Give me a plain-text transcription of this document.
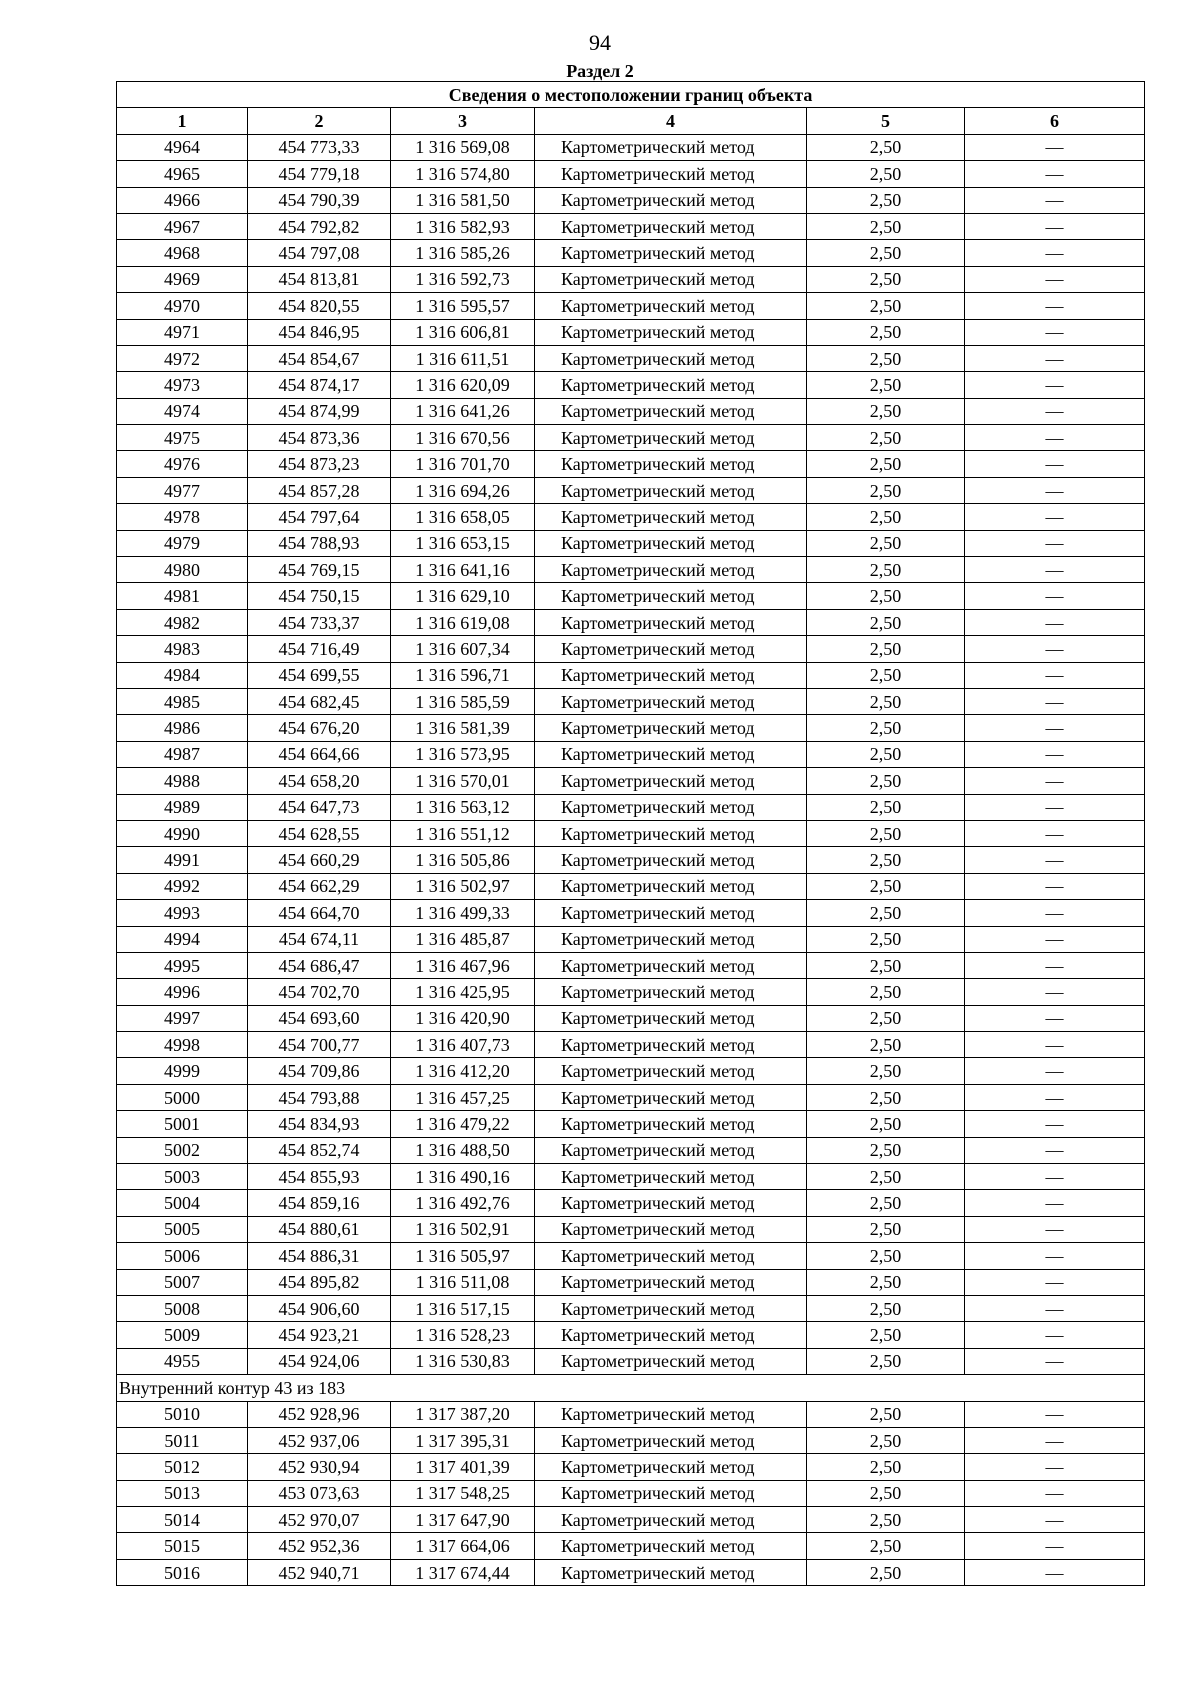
94
Раздел 2
Сведения о местоположении границ объекта					
1	2	3	4	5	6
4964	454 773,33	1 316 569,08	Картометрический метод	2,50	—
4965	454 779,18	1 316 574,80	Картометрический метод	2,50	—
4966	454 790,39	1 316 581,50	Картометрический метод	2,50	—
4967	454 792,82	1 316 582,93	Картометрический метод	2,50	—
4968	454 797,08	1 316 585,26	Картометрический метод	2,50	—
4969	454 813,81	1 316 592,73	Картометрический метод	2,50	—
4970	454 820,55	1 316 595,57	Картометрический метод	2,50	—
4971	454 846,95	1 316 606,81	Картометрический метод	2,50	—
4972	454 854,67	1 316 611,51	Картометрический метод	2,50	—
4973	454 874,17	1 316 620,09	Картометрический метод	2,50	—
4974	454 874,99	1 316 641,26	Картометрический метод	2,50	—
4975	454 873,36	1 316 670,56	Картометрический метод	2,50	—
4976	454 873,23	1 316 701,70	Картометрический метод	2,50	—
4977	454 857,28	1 316 694,26	Картометрический метод	2,50	—
4978	454 797,64	1 316 658,05	Картометрический метод	2,50	—
4979	454 788,93	1 316 653,15	Картометрический метод	2,50	—
4980	454 769,15	1 316 641,16	Картометрический метод	2,50	—
4981	454 750,15	1 316 629,10	Картометрический метод	2,50	—
4982	454 733,37	1 316 619,08	Картометрический метод	2,50	—
4983	454 716,49	1 316 607,34	Картометрический метод	2,50	—
4984	454 699,55	1 316 596,71	Картометрический метод	2,50	—
4985	454 682,45	1 316 585,59	Картометрический метод	2,50	—
4986	454 676,20	1 316 581,39	Картометрический метод	2,50	—
4987	454 664,66	1 316 573,95	Картометрический метод	2,50	—
4988	454 658,20	1 316 570,01	Картометрический метод	2,50	—
4989	454 647,73	1 316 563,12	Картометрический метод	2,50	—
4990	454 628,55	1 316 551,12	Картометрический метод	2,50	—
4991	454 660,29	1 316 505,86	Картометрический метод	2,50	—
4992	454 662,29	1 316 502,97	Картометрический метод	2,50	—
4993	454 664,70	1 316 499,33	Картометрический метод	2,50	—
4994	454 674,11	1 316 485,87	Картометрический метод	2,50	—
4995	454 686,47	1 316 467,96	Картометрический метод	2,50	—
4996	454 702,70	1 316 425,95	Картометрический метод	2,50	—
4997	454 693,60	1 316 420,90	Картометрический метод	2,50	—
4998	454 700,77	1 316 407,73	Картометрический метод	2,50	—
4999	454 709,86	1 316 412,20	Картометрический метод	2,50	—
5000	454 793,88	1 316 457,25	Картометрический метод	2,50	—
5001	454 834,93	1 316 479,22	Картометрический метод	2,50	—
5002	454 852,74	1 316 488,50	Картометрический метод	2,50	—
5003	454 855,93	1 316 490,16	Картометрический метод	2,50	—
5004	454 859,16	1 316 492,76	Картометрический метод	2,50	—
5005	454 880,61	1 316 502,91	Картометрический метод	2,50	—
5006	454 886,31	1 316 505,97	Картометрический метод	2,50	—
5007	454 895,82	1 316 511,08	Картометрический метод	2,50	—
5008	454 906,60	1 316 517,15	Картометрический метод	2,50	—
5009	454 923,21	1 316 528,23	Картометрический метод	2,50	—
4955	454 924,06	1 316 530,83	Картометрический метод	2,50	—
Внутренний контур 43 из 183					
5010	452 928,96	1 317 387,20	Картометрический метод	2,50	—
5011	452 937,06	1 317 395,31	Картометрический метод	2,50	—
5012	452 930,94	1 317 401,39	Картометрический метод	2,50	—
5013	453 073,63	1 317 548,25	Картометрический метод	2,50	—
5014	452 970,07	1 317 647,90	Картометрический метод	2,50	—
5015	452 952,36	1 317 664,06	Картометрический метод	2,50	—
5016	452 940,71	1 317 674,44	Картометрический метод	2,50	—
